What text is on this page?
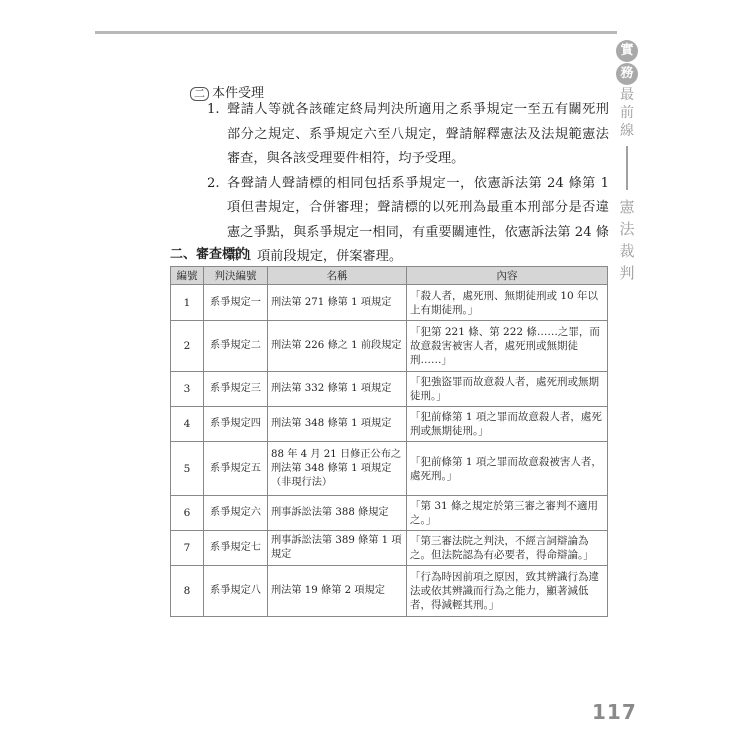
實
務
最
前
線
憲
法
裁
判
二 本件受理
1. 聲請人等就各該確定終局判決所適用之系爭規定一至五有關死刑部分之規定、系爭規定六至八規定，聲請解釋憲法及法規範憲法審查，與各該受理要件相符，均予受理。
2. 各聲請人聲請標的相同包括系爭規定一，依憲訴法第 24 條第 1 項但書規定，合併審理；聲請標的以死刑為最重本刑部分是否違憲之爭點，與系爭規定一相同，有重要關連性，依憲訴法第 24 條第 1 項前段規定，併案審理。
二、審查標的
編號	判決編號	名稱	內容
1	系爭規定一	刑法第 271 條第 1 項規定	「殺人者，處死刑、無期徒刑或 10 年以上有期徒刑。」
2	系爭規定二	刑法第 226 條之 1 前段規定	「犯第 221 條、第 222 條……之罪，而故意殺害被害人者，處死刑或無期徒刑……」
3	系爭規定三	刑法第 332 條第 1 項規定	「犯強盜罪而故意殺人者，處死刑或無期徒刑。」
4	系爭規定四	刑法第 348 條第 1 項規定	「犯前條第 1 項之罪而故意殺人者，處死刑或無期徒刑。」
5	系爭規定五	88 年 4 月 21 日修正公布之刑法第 348 條第 1 項規定（非現行法）	「犯前條第 1 項之罪而故意殺被害人者，處死刑。」
6	系爭規定六	刑事訴訟法第 388 條規定	「第 31 條之規定於第三審之審判不適用之。」
7	系爭規定七	刑事訴訟法第 389 條第 1 項規定	「第三審法院之判決，不經言詞辯論為之。但法院認為有必要者，得命辯論。」
8	系爭規定八	刑法第 19 條第 2 項規定	「行為時因前項之原因，致其辨識行為違法或依其辨識而行為之能力，顯著減低者，得減輕其刑。」
117
